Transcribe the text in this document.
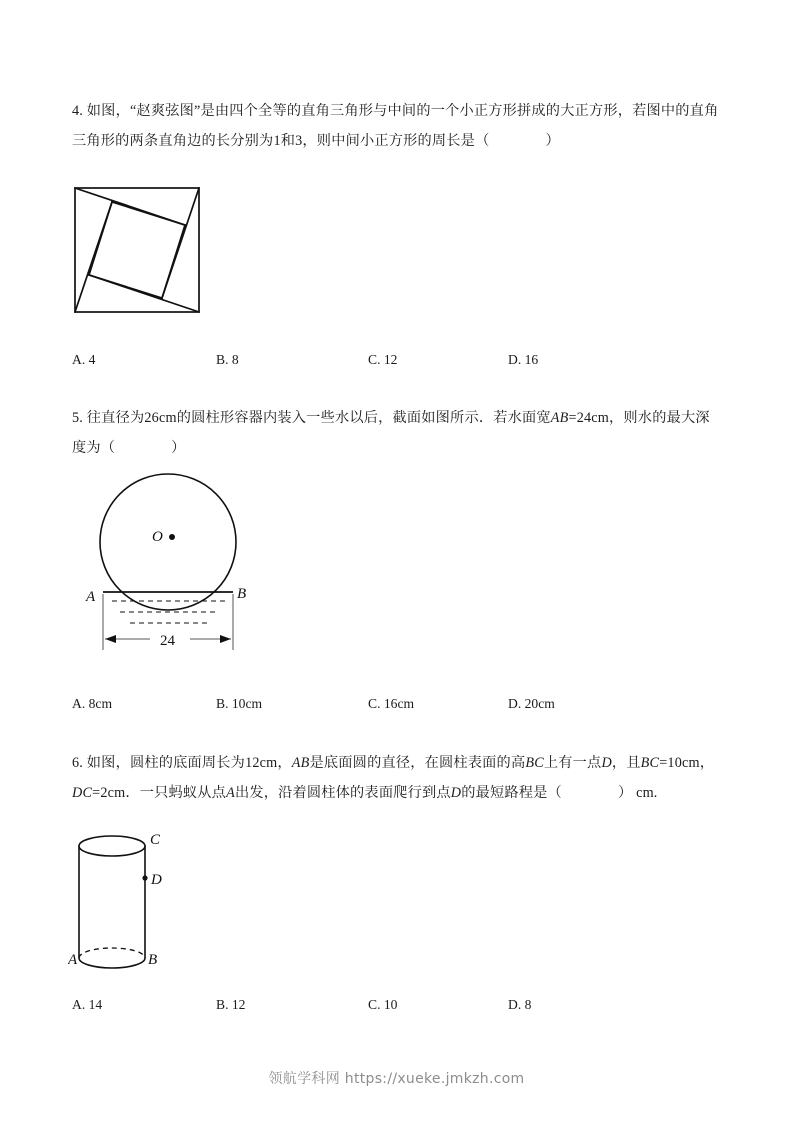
4. 如图，“赵爽弦图”是由四个全等的直角三角形与中间的一个小正方形拼成的大正方形，若图中的直角
三角形的两条直角边的长分别为1和3，则中间小正方形的周长是（	）
A. 4	B. 8	C. 12	D. 16
5. 往直径为26cm的圆柱形容器内装入一些水以后，截面如图所示．若水面宽AB=24cm，则水的最大深
度为（	）
O
A	B
24
A. 8cm	B. 10cm	C. 16cm	D. 20cm
6. 如图，圆柱的底面周长为12cm，AB是底面圆的直径，在圆柱表面的高BC上有一点D，且BC=10cm，
DC=2cm．一只蚂蚁从点A出发，沿着圆柱体的表面爬行到点D的最短路程是（	） cm.
C
D
A	B
A. 14	B. 12	C. 10	D. 8
领航学科网 https://xueke.jmkzh.com
